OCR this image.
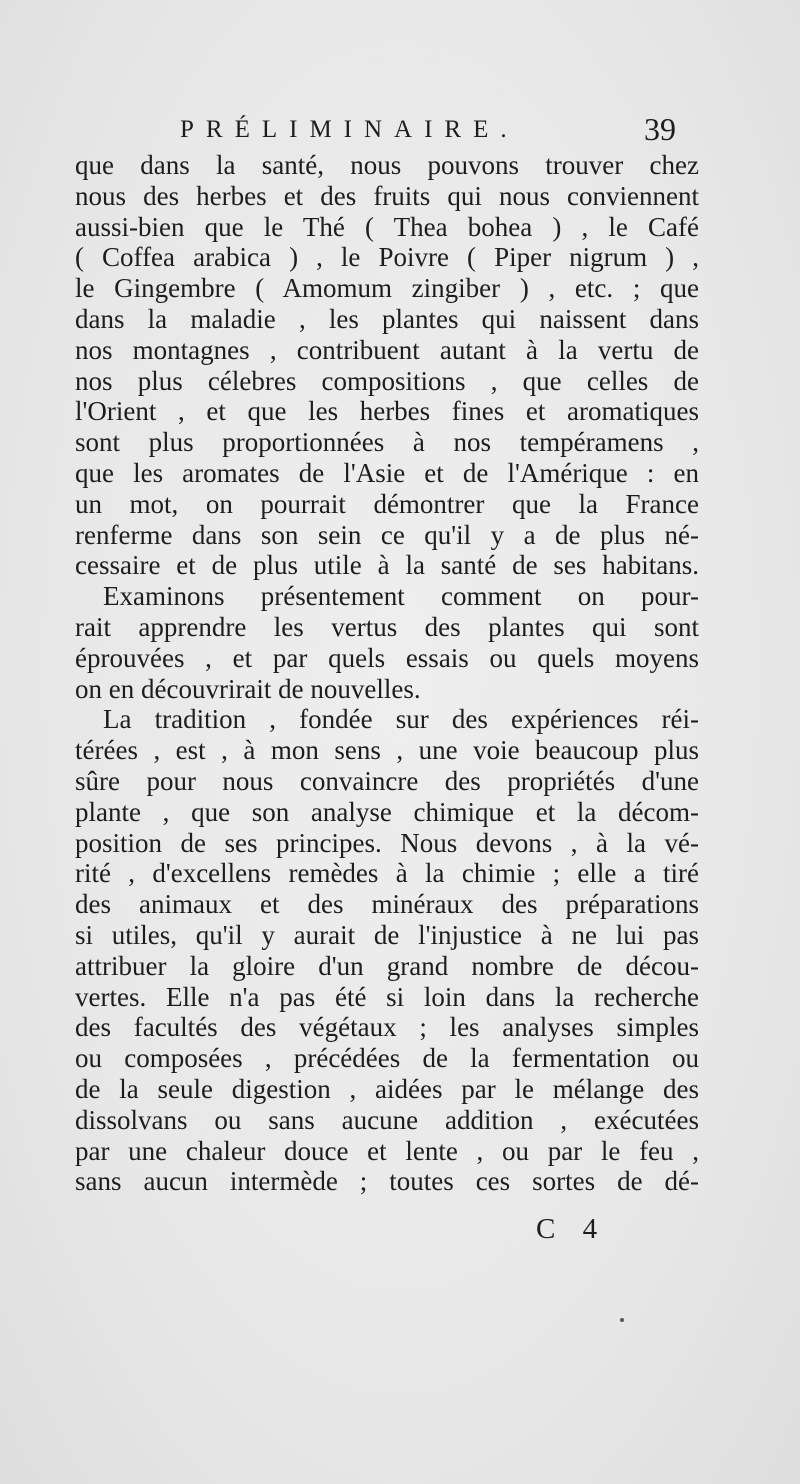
PRÉLIMINAIRE.	39
que dans la santé, nous pouvons trouver chez
nous des herbes et des fruits qui nous conviennent
aussi-bien que le Thé ( Thea bohea ) , le Café
( Coffea arabica ) , le Poivre ( Piper nigrum ) ,
le Gingembre ( Amomum zingiber ) , etc. ; que
dans la maladie , les plantes qui naissent dans
nos montagnes , contribuent autant à la vertu de
nos plus célebres compositions , que celles de
l'Orient , et que les herbes fines et aromatiques
sont plus proportionnées à nos tempéramens ,
que les aromates de l'Asie et de l'Amérique : en
un mot, on pourrait démontrer que la France
renferme dans son sein ce qu'il y a de plus né-
cessaire et de plus utile à la santé de ses habitans.
Examinons présentement comment on pour-
rait apprendre les vertus des plantes qui sont
éprouvées , et par quels essais ou quels moyens
on en découvrirait de nouvelles.
La tradition , fondée sur des expériences réi-
térées , est , à mon sens , une voie beaucoup plus
sûre pour nous convaincre des propriétés d'une
plante , que son analyse chimique et la décom-
position de ses principes. Nous devons , à la vé-
rité , d'excellens remèdes à la chimie ; elle a tiré
des animaux et des minéraux des préparations
si utiles, qu'il y aurait de l'injustice à ne lui pas
attribuer la gloire d'un grand nombre de décou-
vertes. Elle n'a pas été si loin dans la recherche
des facultés des végétaux ; les analyses simples
ou composées , précédées de la fermentation ou
de la seule digestion , aidées par le mélange des
dissolvans ou sans aucune addition , exécutées
par une chaleur douce et lente , ou par le feu ,
sans aucun intermède ; toutes ces sortes de dé-
C 4
